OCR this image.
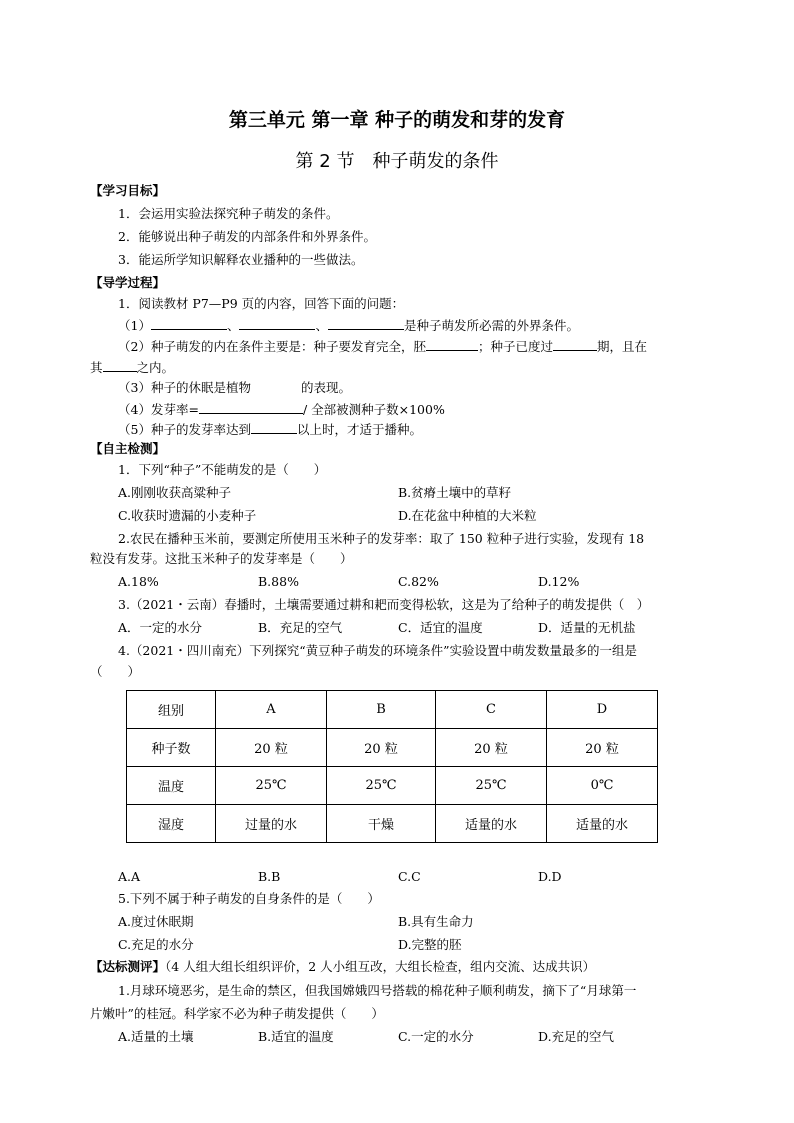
第三单元 第一章 种子的萌发和芽的发育
第 2 节　种子萌发的条件
【学习目标】
1．会运用实验法探究种子萌发的条件。
2．能够说出种子萌发的内部条件和外界条件。
3．能运所学知识解释农业播种的一些做法。
【导学过程】
1．阅读教材 P7—P9 页的内容，回答下面的问题：
（1）	、	、	是种子萌发所必需的外界条件。
（2）种子萌发的内在条件主要是：种子要发育完全，胚	；种子已度过	期，且在
其	之内。
（3）种子的休眠是植物　　　　的表现。
（4）发芽率=	/ 全部被测种子数×100%
（5）种子的发芽率达到	以上时，才适于播种。
【自主检测】
1．下列“种子”不能萌发的是（　　）
A.刚刚收获高粱种子	B.贫瘠土壤中的草籽
C.收获时遗漏的小麦种子	D.在花盆中种植的大米粒
2.农民在播种玉米前，要测定所使用玉米种子的发芽率：取了 150 粒种子进行实验，发现有 18
粒没有发芽。这批玉米种子的发芽率是（　　）
A.18%	B.88%	C.82%	D.12%
3.（2021・云南）春播时，土壤需要通过耕和耙而变得松软，这是为了给种子的萌发提供（　）
A．一定的水分	B．充足的空气	C．适宜的温度	D．适量的无机盐
4.（2021・四川南充）下列探究“黄豆种子萌发的环境条件”实验设置中萌发数量最多的一组是
（　　）
组别	A	B	C	D
种子数	20 粒	20 粒	20 粒	20 粒
温度	25℃	25℃	25℃	0℃
湿度	过量的水	干燥	适量的水	适量的水
A.A	B.B	C.C	D.D
5.下列不属于种子萌发的自身条件的是（　　）
A.度过休眠期	B.具有生命力
C.充足的水分	D.完整的胚
【达标测评】（4 人组大组长组织评价，2 人小组互改，大组长检查，组内交流、达成共识）
1.月球环境恶劣，是生命的禁区，但我国嫦娥四号搭载的棉花种子顺利萌发，摘下了“月球第一
片嫩叶”的桂冠。科学家不必为种子萌发提供（　　）
A.适量的土壤	B.适宜的温度	C.一定的水分	D.充足的空气
